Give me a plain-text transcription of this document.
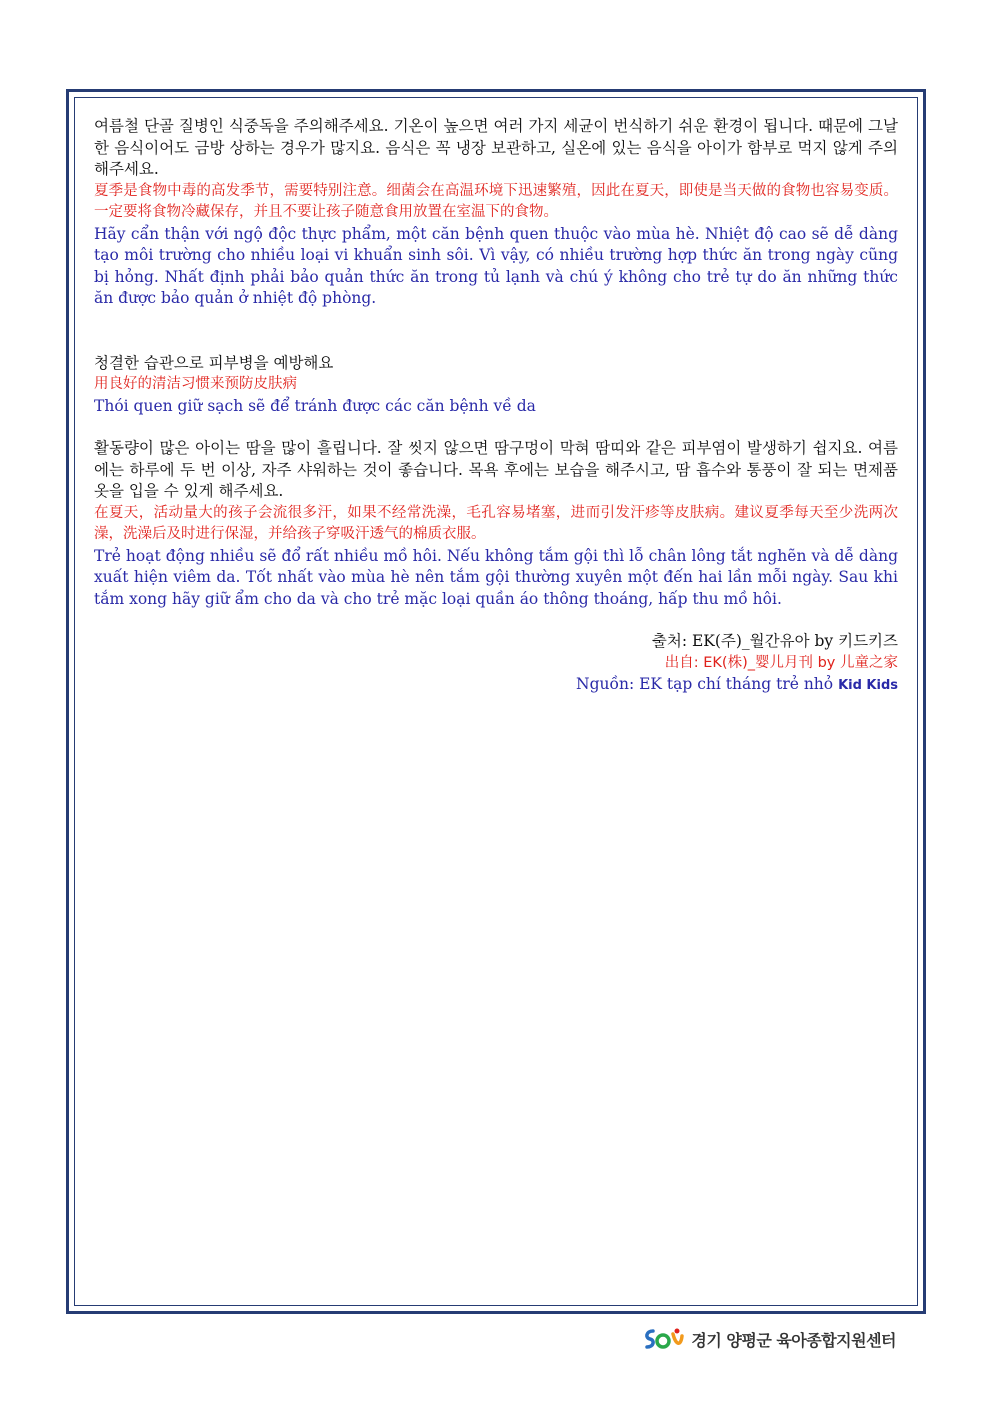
여름철 단골 질병인 식중독을 주의해주세요. 기온이 높으면 여러 가지 세균이 번식하기 쉬운 환경이 됩니다. 때문에 그날 한 음식이어도 금방 상하는 경우가 많지요. 음식은 꼭 냉장 보관하고, 실온에 있는 음식을 아이가 함부로 먹지 않게 주의해주세요.

夏季是食物中毒的高发季节，需要特别注意。细菌会在高温环境下迅速繁殖，因此在夏天，即使是当天做的食物也容易变质。一定要将食物冷藏保存，并且不要让孩子随意食用放置在室温下的食物。

Hãy cẩn thận với ngộ độc thực phẩm, một căn bệnh quen thuộc vào mùa hè. Nhiệt độ cao sẽ dễ dàng tạo môi trường cho nhiều loại vi khuẩn sinh sôi. Vì vậy, có nhiều trường hợp thức ăn trong ngày cũng bị hỏng. Nhất định phải bảo quản thức ăn trong tủ lạnh và chú ý không cho trẻ tự do ăn những thức ăn được bảo quản ở nhiệt độ phòng.

청결한 습관으로 피부병을 예방해요

用良好的清洁习惯来预防皮肤病

Thói quen giữ sạch sẽ để tránh được các căn bệnh về da

활동량이 많은 아이는 땀을 많이 흘립니다. 잘 씻지 않으면 땀구멍이 막혀 땀띠와 같은 피부염이 발생하기 쉽지요. 여름에는 하루에 두 번 이상, 자주 샤워하는 것이 좋습니다. 목욕 후에는 보습을 해주시고, 땀 흡수와 통풍이 잘 되는 면제품 옷을 입을 수 있게 해주세요.

在夏天，活动量大的孩子会流很多汗，如果不经常洗澡，毛孔容易堵塞，进而引发汗疹等皮肤病。建议夏季每天至少洗两次澡，洗澡后及时进行保湿，并给孩子穿吸汗透气的棉质衣服。

Trẻ hoạt động nhiều sẽ đổ rất nhiều mồ hôi. Nếu không tắm gội thì lỗ chân lông tắt nghẽn và dễ dàng xuất hiện viêm da. Tốt nhất vào mùa hè nên tắm gội thường xuyên một đến hai lần mỗi ngày. Sau khi tắm xong hãy giữ ẩm cho da và cho trẻ mặc loại quần áo thông thoáng, hấp thu mồ hôi.

출처: EK(주)_월간유아 by 키드키즈

出自: EK(株)_婴儿月刊 by 儿童之家

Nguồn: EK tạp chí tháng trẻ nhỏ Kid Kids

경기 양평군 육아종합지원센터
